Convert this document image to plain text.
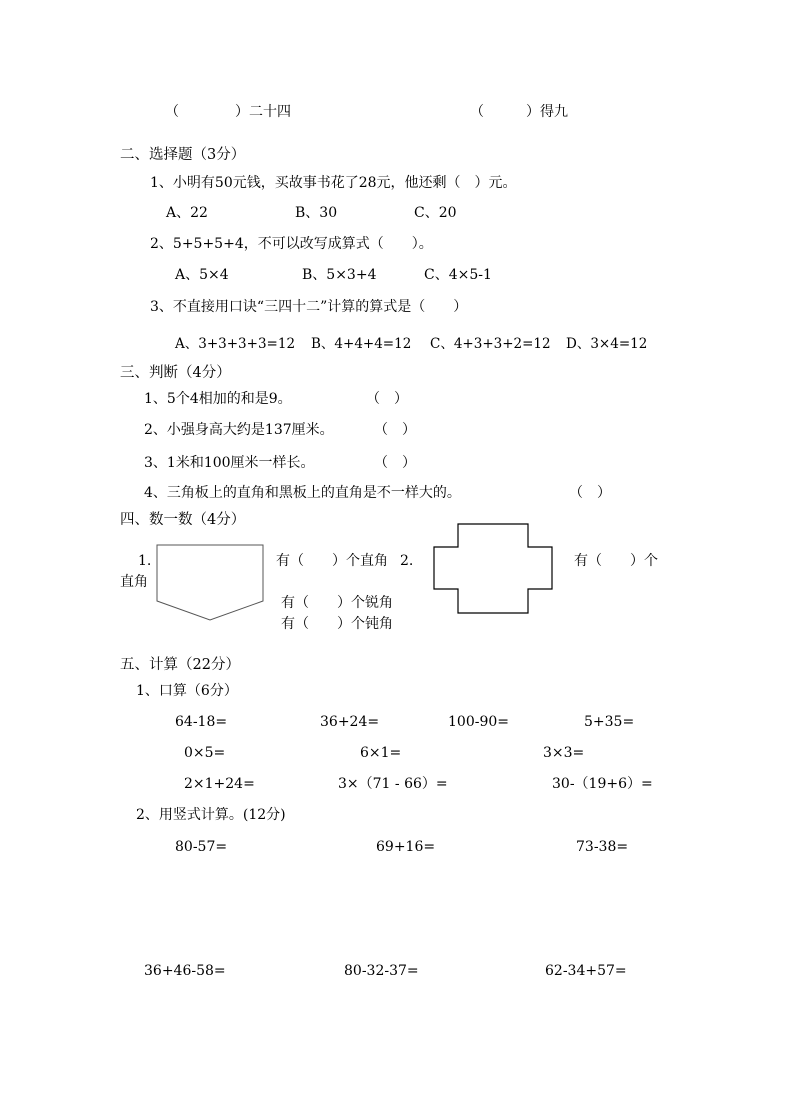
（　　　　）二十四	（　　　）得九
二、选择题（3分）
1、小明有50元钱，买故事书花了28元，他还剩（　）元。
A、22	B、30	C、20
2、5+5+5+4，不可以改写成算式（　　）。
A、5×4	B、5×3+4	C、4×5-1
3、不直接用口诀“三四十二”计算的算式是（　　）
A、3+3+3+3=12 B、4+4+4=12 C、4+3+3+2=12 D、3×4=12
三、判断（4分）
1、5个4相加的和是9。	（　）
2、小强身高大约是137厘米。	（　）
3、1米和100厘米一样长。	（　）
4、三角板上的直角和黑板上的直角是不一样大的。	（　）
四、数一数（4分）
1.
直角
有（　　）个直角 2.	有（　　）个
有（　　）个锐角
有（　　）个钝角
五、计算（22分）
1、口算（6分）
64-18=	36+24=	100-90=	5+35=
0×5=	6×1=	3×3=
2×1+24=	3×（71 - 66）=	30-（19+6）=
2、用竖式计算。(12分)
80-57=	69+16=	73-38=
36+46-58=	80-32-37=	62-34+57=
